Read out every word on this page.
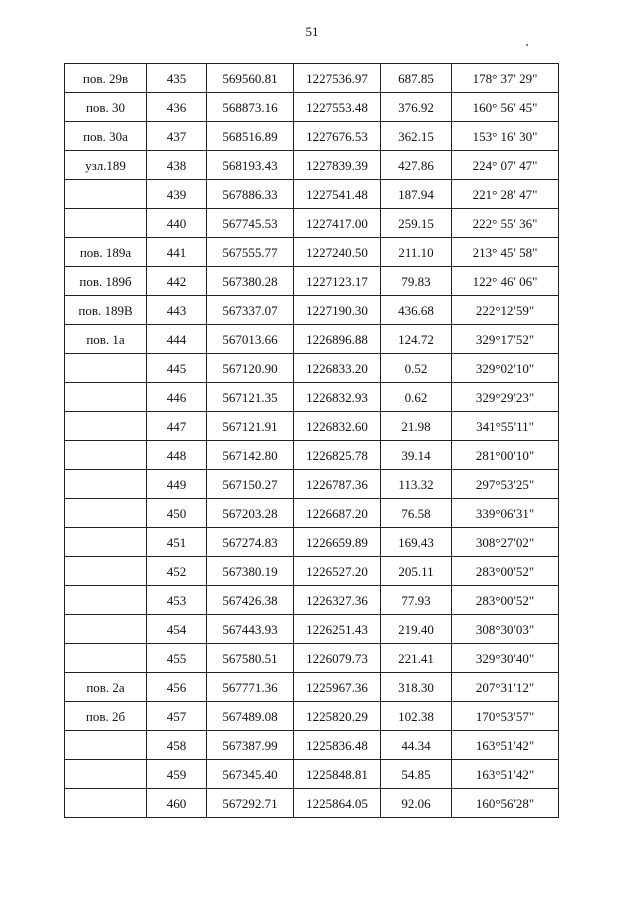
51
пов. 29в	435	569560.81	1227536.97	687.85	178° 37' 29"
пов. 30	436	568873.16	1227553.48	376.92	160° 56' 45"
пов. 30а	437	568516.89	1227676.53	362.15	153° 16' 30"
узл.189	438	568193.43	1227839.39	427.86	224° 07' 47"
	439	567886.33	1227541.48	187.94	221° 28' 47"
	440	567745.53	1227417.00	259.15	222° 55' 36"
пов. 189а	441	567555.77	1227240.50	211.10	213° 45' 58"
пов. 189б	442	567380.28	1227123.17	79.83	122° 46' 06"
пов. 189В	443	567337.07	1227190.30	436.68	222°12'59"
пов. 1а	444	567013.66	1226896.88	124.72	329°17'52"
	445	567120.90	1226833.20	0.52	329°02'10"
	446	567121.35	1226832.93	0.62	329°29'23"
	447	567121.91	1226832.60	21.98	341°55'11"
	448	567142.80	1226825.78	39.14	281°00'10"
	449	567150.27	1226787.36	113.32	297°53'25"
	450	567203.28	1226687.20	76.58	339°06'31"
	451	567274.83	1226659.89	169.43	308°27'02"
	452	567380.19	1226527.20	205.11	283°00'52"
	453	567426.38	1226327.36	77.93	283°00'52"
	454	567443.93	1226251.43	219.40	308°30'03"
	455	567580.51	1226079.73	221.41	329°30'40"
пов. 2а	456	567771.36	1225967.36	318.30	207°31'12"
пов. 2б	457	567489.08	1225820.29	102.38	170°53'57"
	458	567387.99	1225836.48	44.34	163°51'42"
	459	567345.40	1225848.81	54.85	163°51'42"
	460	567292.71	1225864.05	92.06	160°56'28"
